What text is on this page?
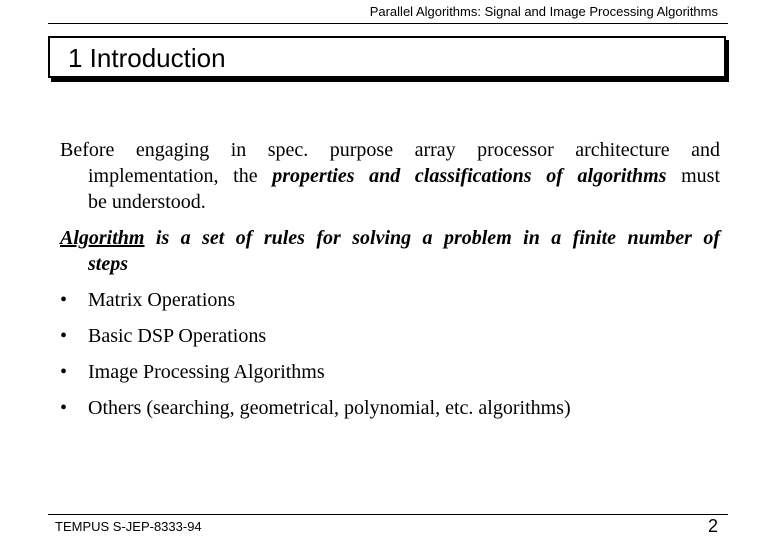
Parallel Algorithms: Signal and Image Processing Algorithms
1 Introduction
Before engaging in spec. purpose array processor architecture and
implementation, the properties and classifications of algorithms must
be understood.
Algorithm is a set of rules for solving a problem in a finite number of
steps
• Matrix Operations
• Basic DSP Operations
• Image Processing Algorithms
• Others (searching, geometrical, polynomial, etc. algorithms)
TEMPUS S-JEP-8333-94	2
